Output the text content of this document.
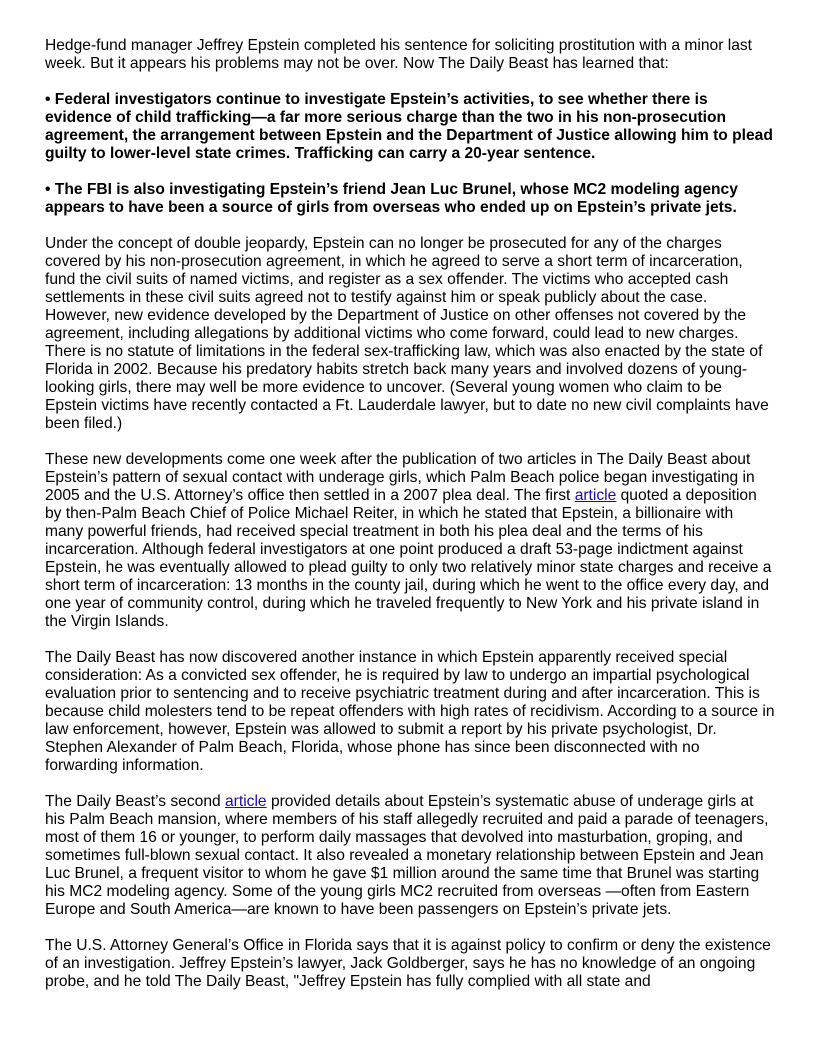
Hedge-fund manager Jeffrey Epstein completed his sentence for soliciting prostitution with a minor last week. But it appears his problems may not be over. Now The Daily Beast has learned that:

• Federal investigators continue to investigate Epstein’s activities, to see whether there is evidence of child trafficking—a far more serious charge than the two in his non-prosecution agreement, the arrangement between Epstein and the Department of Justice allowing him to plead guilty to lower-level state crimes. Trafficking can carry a 20-year sentence.

• The FBI is also investigating Epstein’s friend Jean Luc Brunel, whose MC2 modeling agency appears to have been a source of girls from overseas who ended up on Epstein’s private jets.

Under the concept of double jeopardy, Epstein can no longer be prosecuted for any of the charges covered by his non-prosecution agreement, in which he agreed to serve a short term of incarceration, fund the civil suits of named victims, and register as a sex offender. The victims who accepted cash settlements in these civil suits agreed not to testify against him or speak publicly about the case. However, new evidence developed by the Department of Justice on other offenses not covered by the agreement, including allegations by additional victims who come forward, could lead to new charges. There is no statute of limitations in the federal sex-trafficking law, which was also enacted by the state of Florida in 2002. Because his predatory habits stretch back many years and involved dozens of young-looking girls, there may well be more evidence to uncover. (Several young women who claim to be Epstein victims have recently contacted a Ft. Lauderdale lawyer, but to date no new civil complaints have been filed.)

These new developments come one week after the publication of two articles in The Daily Beast about Epstein’s pattern of sexual contact with underage girls, which Palm Beach police began investigating in 2005 and the U.S. Attorney’s office then settled in a 2007 plea deal. The first article quoted a deposition by then-Palm Beach Chief of Police Michael Reiter, in which he stated that Epstein, a billionaire with many powerful friends, had received special treatment in both his plea deal and the terms of his incarceration. Although federal investigators at one point produced a draft 53-page indictment against Epstein, he was eventually allowed to plead guilty to only two relatively minor state charges and receive a short term of incarceration: 13 months in the county jail, during which he went to the office every day, and one year of community control, during which he traveled frequently to New York and his private island in the Virgin Islands.

The Daily Beast has now discovered another instance in which Epstein apparently received special consideration: As a convicted sex offender, he is required by law to undergo an impartial psychological evaluation prior to sentencing and to receive psychiatric treatment during and after incarceration. This is because child molesters tend to be repeat offenders with high rates of recidivism. According to a source in law enforcement, however, Epstein was allowed to submit a report by his private psychologist, Dr. Stephen Alexander of Palm Beach, Florida, whose phone has since been disconnected with no forwarding information.

The Daily Beast’s second article provided details about Epstein’s systematic abuse of underage girls at his Palm Beach mansion, where members of his staff allegedly recruited and paid a parade of teenagers, most of them 16 or younger, to perform daily massages that devolved into masturbation, groping, and sometimes full-blown sexual contact. It also revealed a monetary relationship between Epstein and Jean Luc Brunel, a frequent visitor to whom he gave $1 million around the same time that Brunel was starting his MC2 modeling agency. Some of the young girls MC2 recruited from overseas —often from Eastern Europe and South America—are known to have been passengers on Epstein’s private jets.

The U.S. Attorney General’s Office in Florida says that it is against policy to confirm or deny the existence of an investigation. Jeffrey Epstein’s lawyer, Jack Goldberger, says he has no knowledge of an ongoing probe, and he told The Daily Beast, "Jeffrey Epstein has fully complied with all state and
